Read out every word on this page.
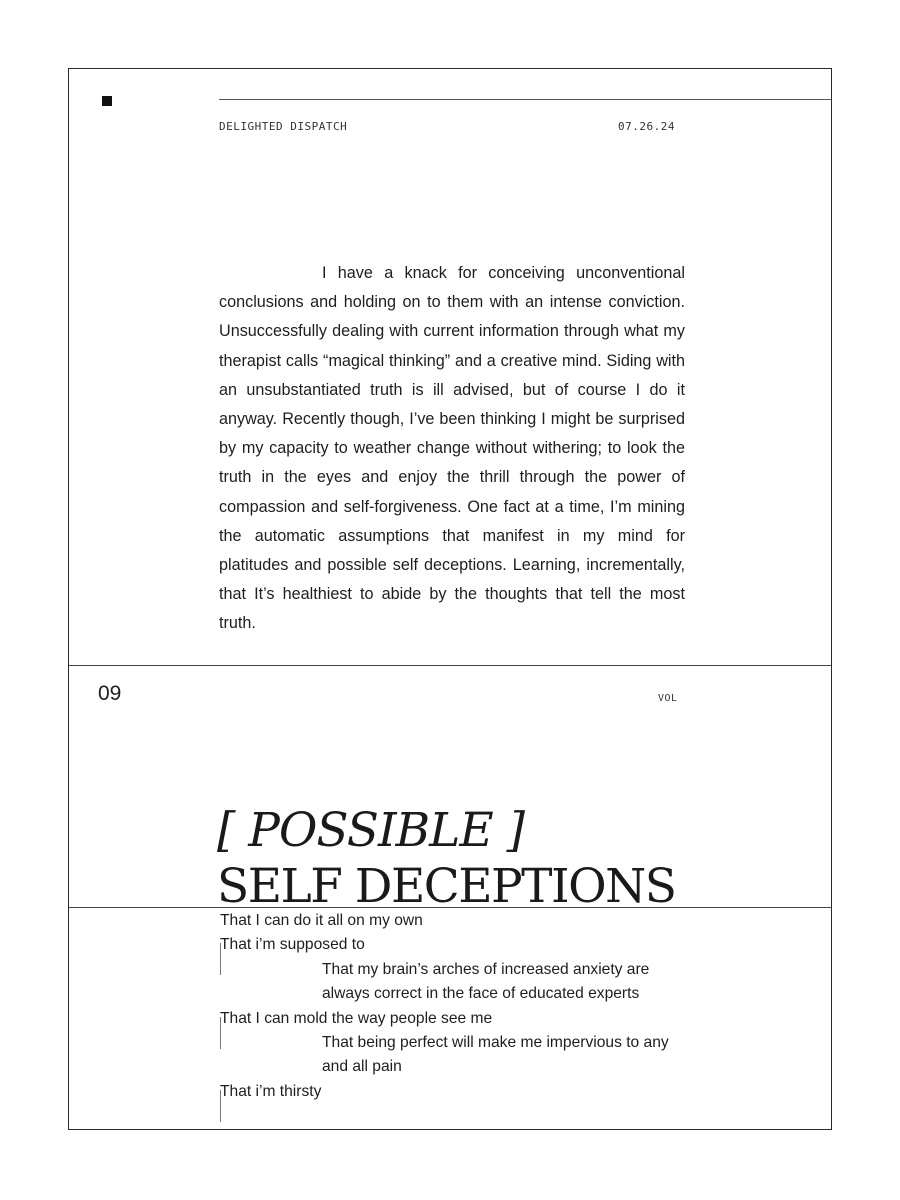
DELIGHTED DISPATCH	07.26.24

I have a knack for conceiving unconventional conclusions and holding on to them with an intense conviction. Unsuccessfully dealing with current information through what my therapist calls “magical thinking” and a creative mind. Siding with an unsubstantiated truth is ill advised, but of course I do it anyway. Recently though, I’ve been thinking I might be surprised by my capacity to weather change without withering; to look the truth in the eyes and enjoy the thrill through the power of compassion and self-forgiveness. One fact at a time, I’m mining the automatic assumptions that manifest in my mind for platitudes and possible self deceptions. Learning, incrementally, that It’s healthiest to abide by the thoughts that tell the most truth.

09	VOL
[ POSSIBLE ]
SELF DECEPTIONS
That I can do it all on my own
That i’m supposed to
That my brain’s arches of increased anxiety are always correct in the face of educated experts
That I can mold the way people see me
That being perfect will make me impervious to any and all pain
That i’m thirsty
